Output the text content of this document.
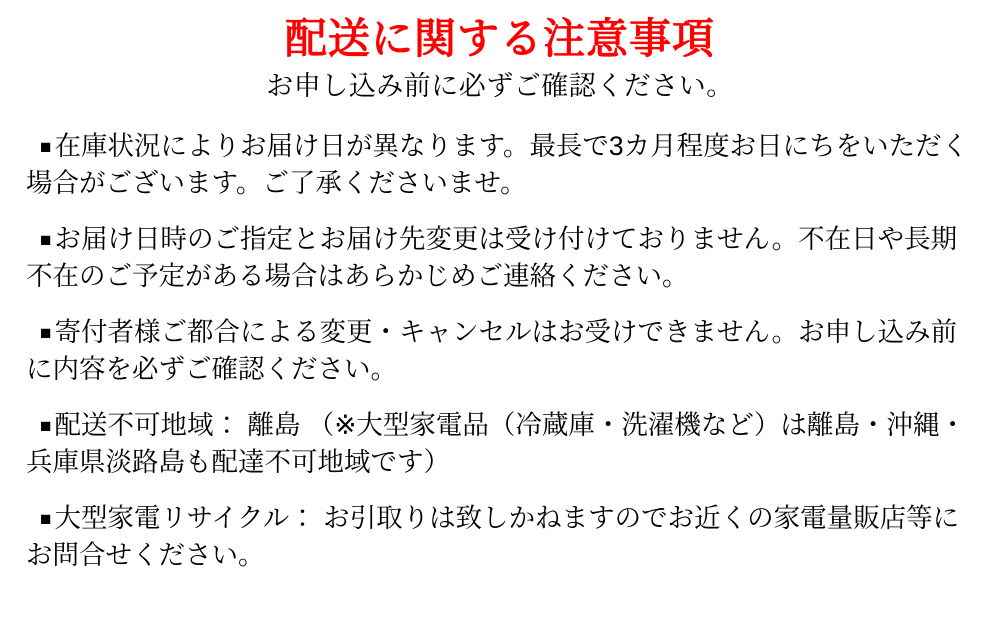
配送に関する注意事項

お申し込み前に必ずご確認ください。

■ 在庫状況によりお届け日が異なります。最長で3カ月程度お日にちをいただく場合がございます。ご了承くださいませ。

■ お届け日時のご指定とお届け先変更は受け付けておりません。不在日や長期不在のご予定がある場合はあらかじめご連絡ください。

■ 寄付者様ご都合による変更・キャンセルはお受けできません。お申し込み前に内容を必ずご確認ください。

■ 配送不可地域： 離島 （※大型家電品（冷蔵庫・洗濯機など）は離島・沖縄・兵庫県淡路島も配達不可地域です）

■ 大型家電リサイクル： お引取りは致しかねますのでお近くの家電量販店等にお問合せください。
